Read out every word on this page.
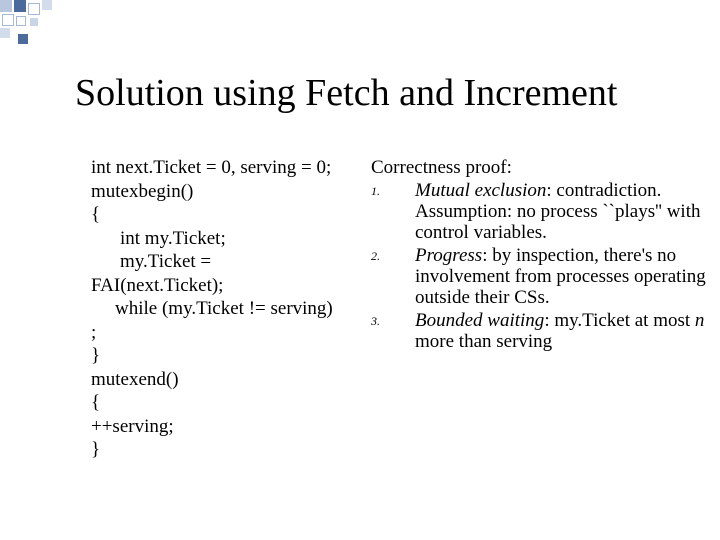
Solution using Fetch and Increment
int next.Ticket = 0, serving = 0;
mutexbegin()
{
int my.Ticket;
my.Ticket =
FAI(next.Ticket);
while (my.Ticket != serving)
;
}
mutexend()
{
++serving;
}
Correctness proof:
1. Mutual exclusion: contradiction. Assumption: no process ``plays'' with control variables.
2. Progress: by inspection, there's no involvement from processes operating outside their CSs.
3. Bounded waiting: my.Ticket at most n more than serving
